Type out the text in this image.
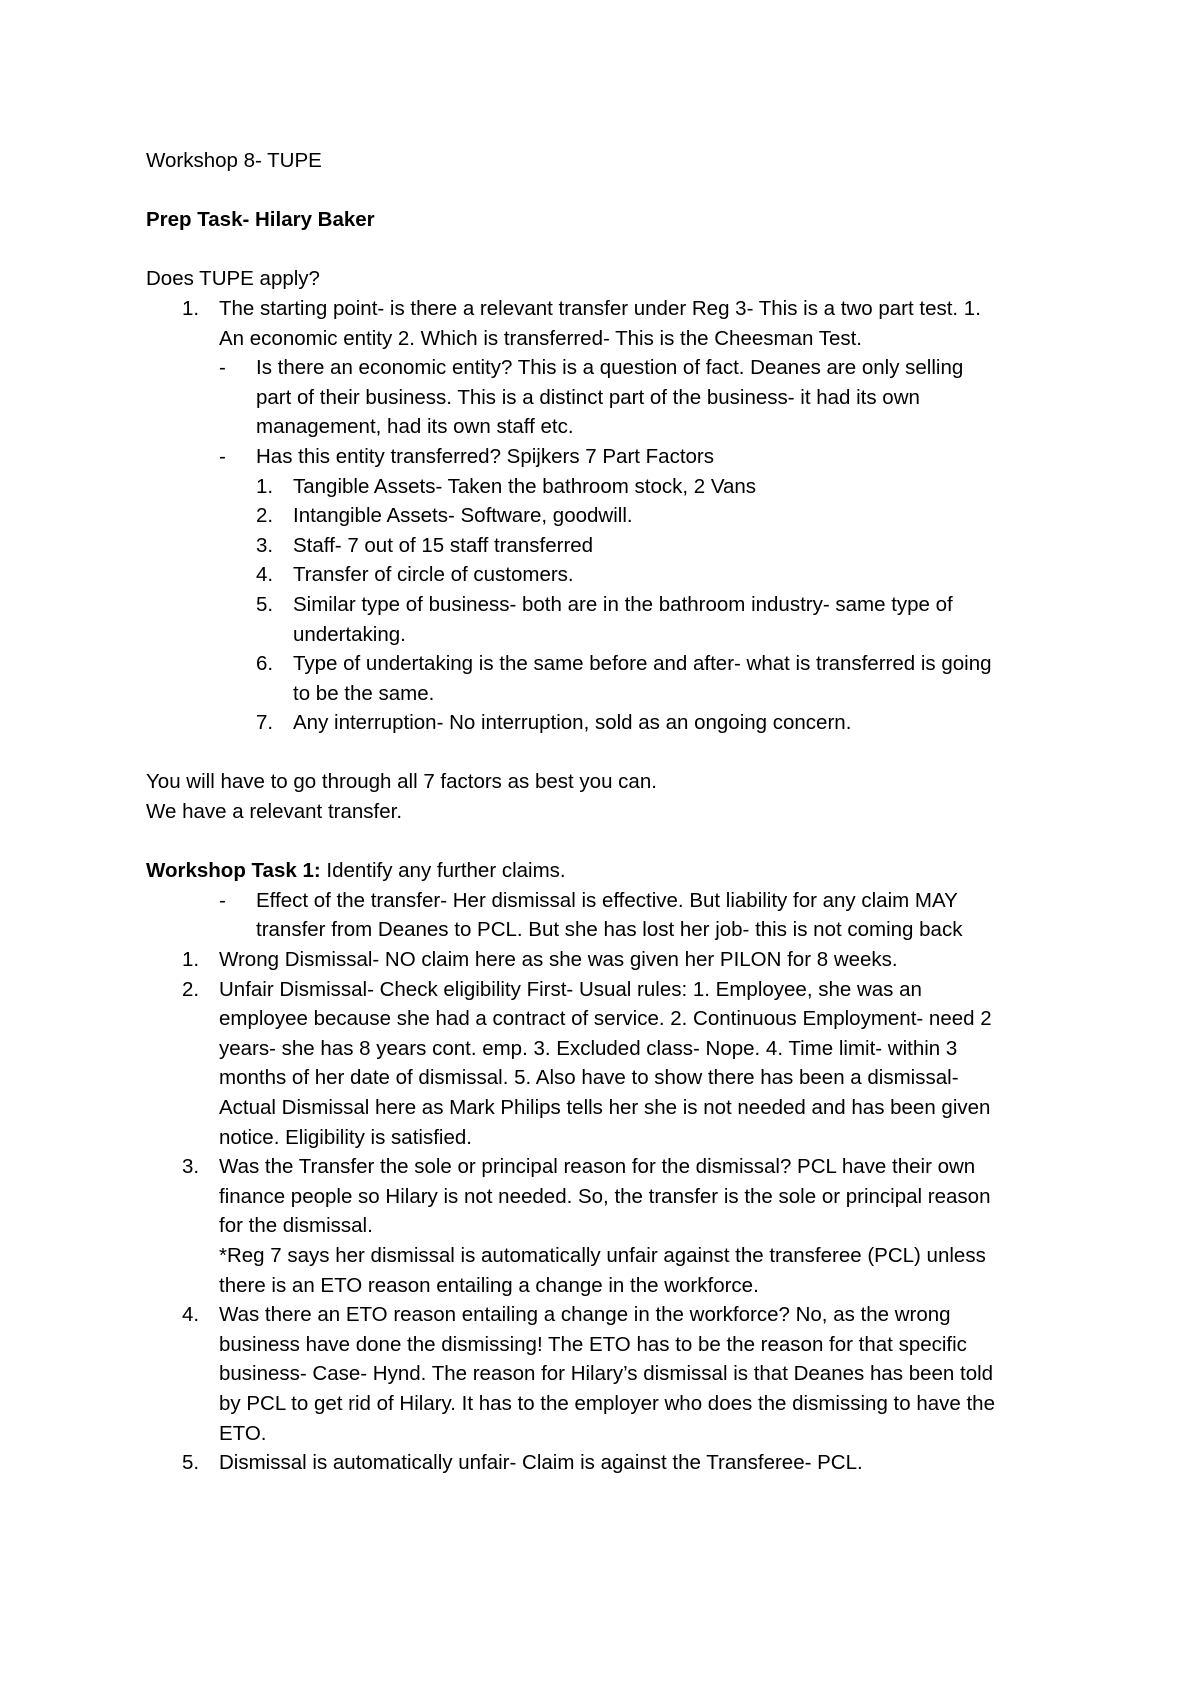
Workshop 8- TUPE

Prep Task- Hilary Baker

Does TUPE apply?

1. The starting point- is there a relevant transfer under Reg 3- This is a two part test. 1.
An economic entity 2. Which is transferred- This is the Cheesman Test.
- Is there an economic entity? This is a question of fact. Deanes are only selling
part of their business. This is a distinct part of the business- it had its own
management, had its own staff etc.
- Has this entity transferred? Spijkers 7 Part Factors
1. Tangible Assets- Taken the bathroom stock, 2 Vans
2. Intangible Assets- Software, goodwill.
3. Staff- 7 out of 15 staff transferred
4. Transfer of circle of customers.
5. Similar type of business- both are in the bathroom industry- same type of
undertaking.
6. Type of undertaking is the same before and after- what is transferred is going
to be the same.
7. Any interruption- No interruption, sold as an ongoing concern.

You will have to go through all 7 factors as best you can.

We have a relevant transfer.

Workshop Task 1: Identify any further claims.

- Effect of the transfer- Her dismissal is effective. But liability for any claim MAY
transfer from Deanes to PCL. But she has lost her job- this is not coming back
1. Wrong Dismissal- NO claim here as she was given her PILON for 8 weeks.
2. Unfair Dismissal- Check eligibility First- Usual rules: 1. Employee, she was an
employee because she had a contract of service. 2. Continuous Employment- need 2
years- she has 8 years cont. emp. 3. Excluded class- Nope. 4. Time limit- within 3
months of her date of dismissal. 5. Also have to show there has been a dismissal-
Actual Dismissal here as Mark Philips tells her she is not needed and has been given
notice. Eligibility is satisfied.
3. Was the Transfer the sole or principal reason for the dismissal? PCL have their own
finance people so Hilary is not needed. So, the transfer is the sole or principal reason
for the dismissal.
*Reg 7 says her dismissal is automatically unfair against the transferee (PCL) unless
there is an ETO reason entailing a change in the workforce.
4. Was there an ETO reason entailing a change in the workforce? No, as the wrong
business have done the dismissing! The ETO has to be the reason for that specific
business- Case- Hynd. The reason for Hilary’s dismissal is that Deanes has been told
by PCL to get rid of Hilary. It has to the employer who does the dismissing to have the
ETO.
5. Dismissal is automatically unfair- Claim is against the Transferee- PCL.
